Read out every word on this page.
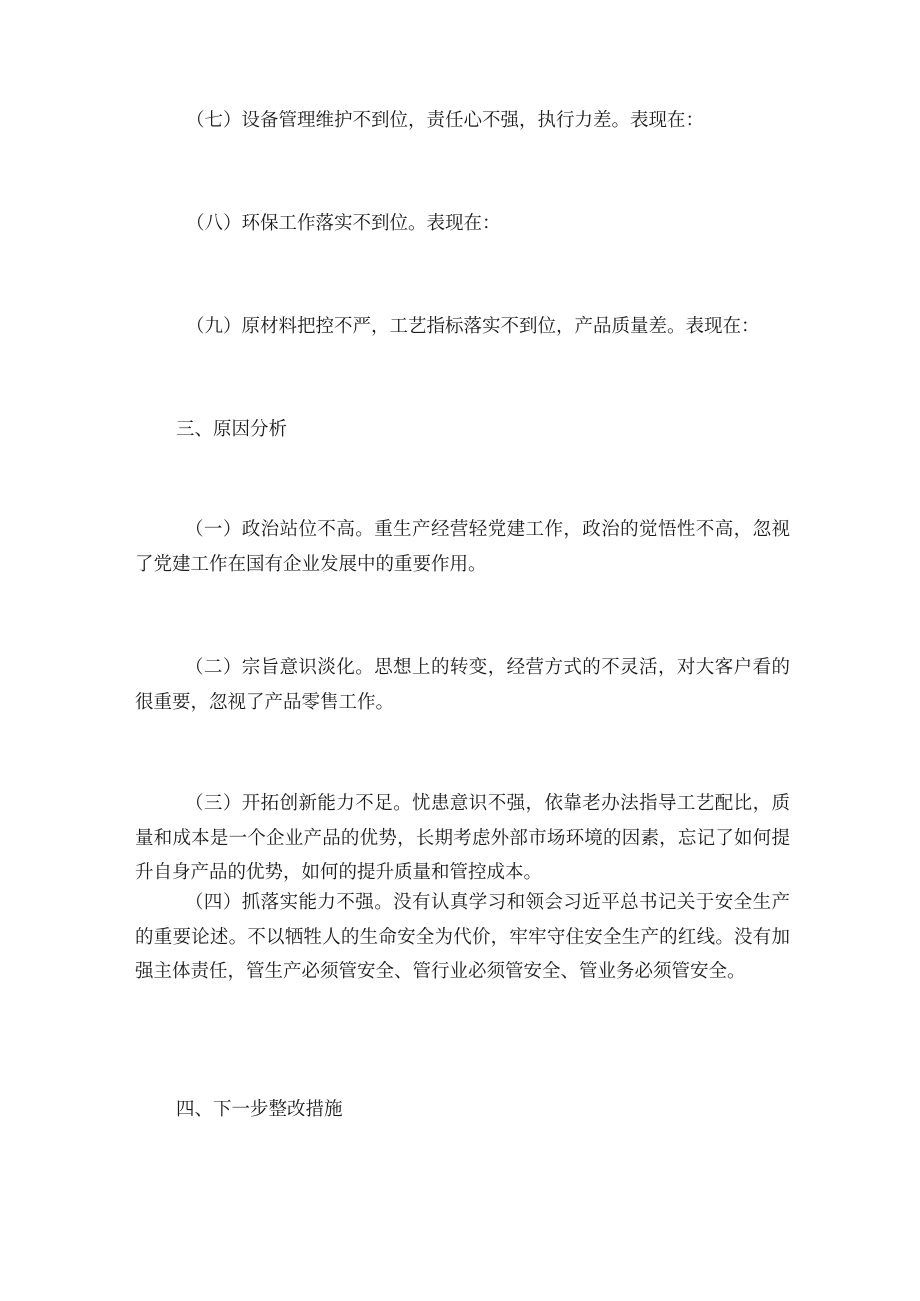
（七）设备管理维护不到位，责任心不强，执行力差。表现在：

（八）环保工作落实不到位。表现在：

（九）原材料把控不严，工艺指标落实不到位，产品质量差。表现在：

三、原因分析

（一）政治站位不高。重生产经营轻党建工作，政治的觉悟性不高，忽视了党建工作在国有企业发展中的重要作用。

（二）宗旨意识淡化。思想上的转变，经营方式的不灵活，对大客户看的很重要，忽视了产品零售工作。

（三）开拓创新能力不足。忧患意识不强，依靠老办法指导工艺配比，质量和成本是一个企业产品的优势，长期考虑外部市场环境的因素，忘记了如何提升自身产品的优势，如何的提升质量和管控成本。

（四）抓落实能力不强。没有认真学习和领会习近平总书记关于安全生产的重要论述。不以牺牲人的生命安全为代价，牢牢守住安全生产的红线。没有加强主体责任，管生产必须管安全、管行业必须管安全、管业务必须管安全。

四、下一步整改措施
